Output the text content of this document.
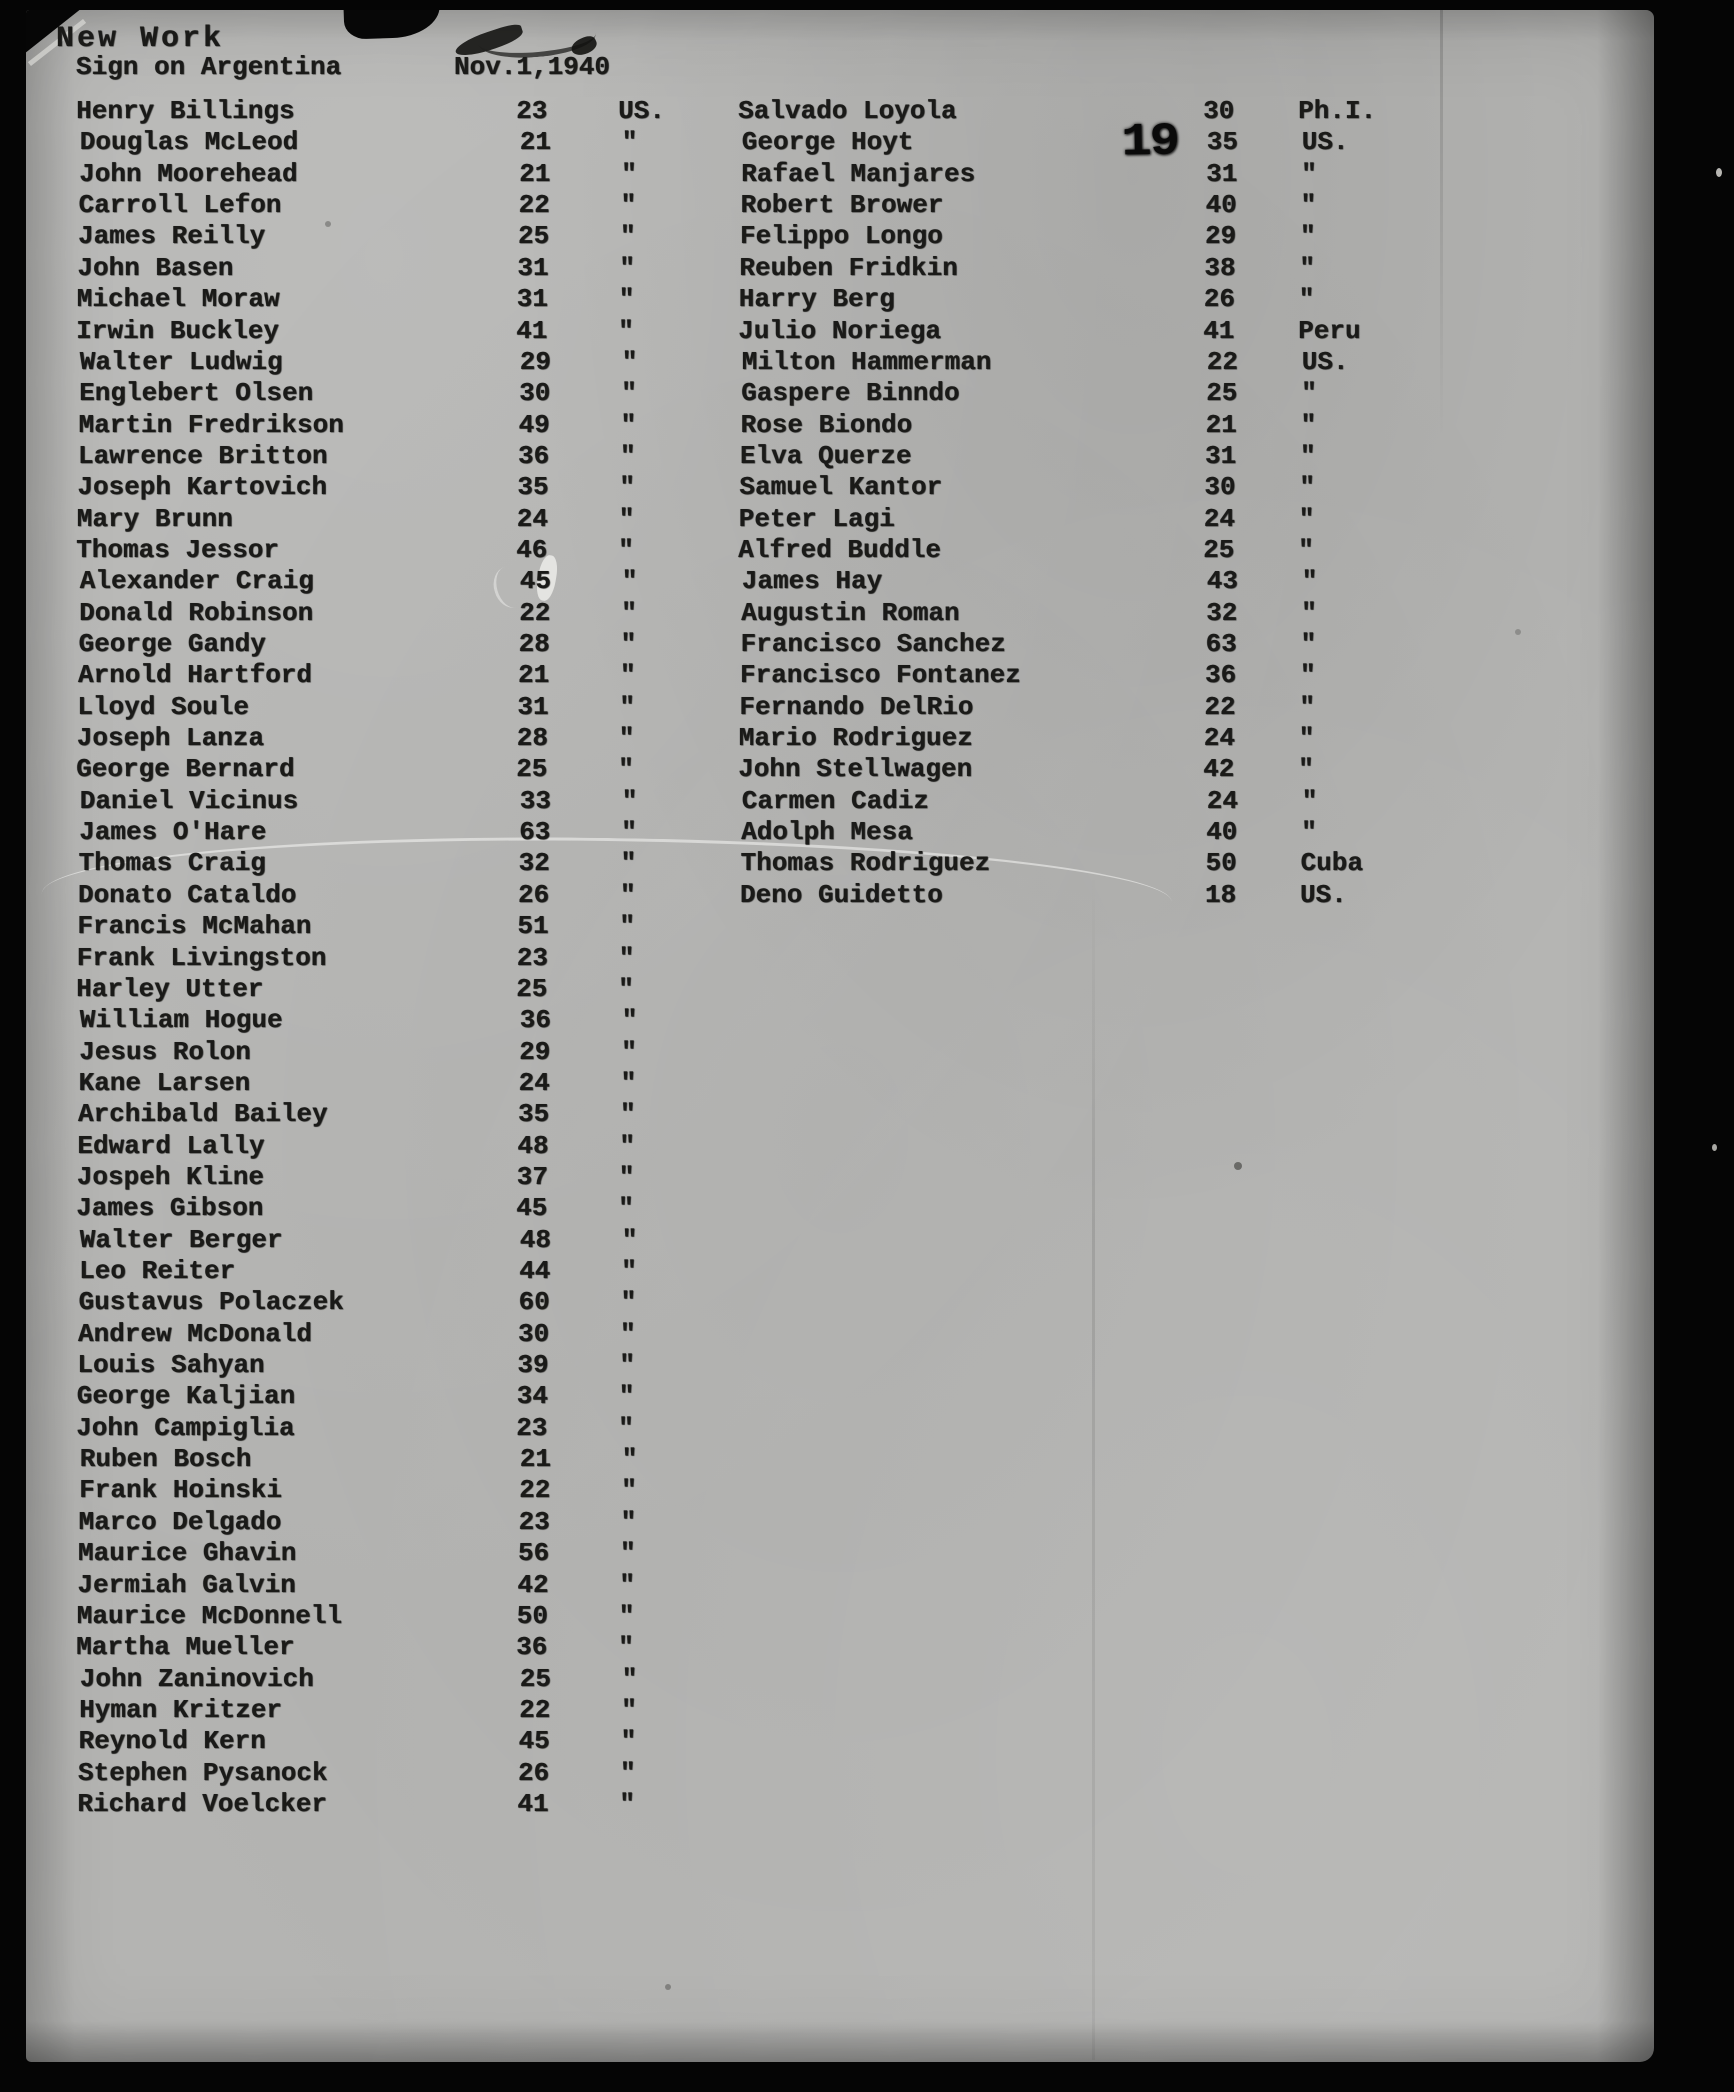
New Work
Sign on Argentina	Nov.1,1940
19
Henry Billings	23	US.
Douglas McLeod	21	"
John Moorehead	21	"
Carroll Lefon	22	"
James Reilly	25	"
John Basen	31	"
Michael Moraw	31	"
Irwin Buckley	41	"
Walter Ludwig	29	"
Englebert Olsen	30	"
Martin Fredrikson	49	"
Lawrence Britton	36	"
Joseph Kartovich	35	"
Mary Brunn	24	"
Thomas Jessor	46	"
Alexander Craig	45	"
Donald Robinson	22	"
George Gandy	28	"
Arnold Hartford	21	"
Lloyd Soule	31	"
Joseph Lanza	28	"
George Bernard	25	"
Daniel Vicinus	33	"
James O'Hare	63	"
Thomas Craig	32	"
Donato Cataldo	26	"
Francis McMahan	51	"
Frank Livingston	23	"
Harley Utter	25	"
William Hogue	36	"
Jesus Rolon	29	"
Kane Larsen	24	"
Archibald Bailey	35	"
Edward Lally	48	"
Jospeh Kline	37	"
James Gibson	45	"
Walter Berger	48	"
Leo Reiter	44	"
Gustavus Polaczek	60	"
Andrew McDonald	30	"
Louis Sahyan	39	"
George Kaljian	34	"
John Campiglia	23	"
Ruben Bosch	21	"
Frank Hoinski	22	"
Marco Delgado	23	"
Maurice Ghavin	56	"
Jermiah Galvin	42	"
Maurice McDonnell	50	"
Martha Mueller	36	"
John Zaninovich	25	"
Hyman Kritzer	22	"
Reynold Kern	45	"
Stephen Pysanock	26	"
Richard Voelcker	41	"
Salvado Loyola	30 Ph.I.
George Hoyt	35 US.
Rafael Manjares	31 "
Robert Brower	40 "
Felippo Longo	29 "
Reuben Fridkin	38 "
Harry Berg	26 "
Julio Noriega	41 Peru
Milton Hammerman	22 US.
Gaspere Binndo	25 "
Rose Biondo	21 "
Elva Querze	31 "
Samuel Kantor	30 "
Peter Lagi	24 "
Alfred Buddle	25 "
James Hay	43 "
Augustin Roman	32 "
Francisco Sanchez	63 "
Francisco Fontanez	36 "
Fernando DelRio	22 "
Mario Rodriguez	24 "
John Stellwagen	42 "
Carmen Cadiz	24 "
Adolph Mesa	40 "
Thomas Rodriguez	50 Cuba
Deno Guidetto	18 US.
